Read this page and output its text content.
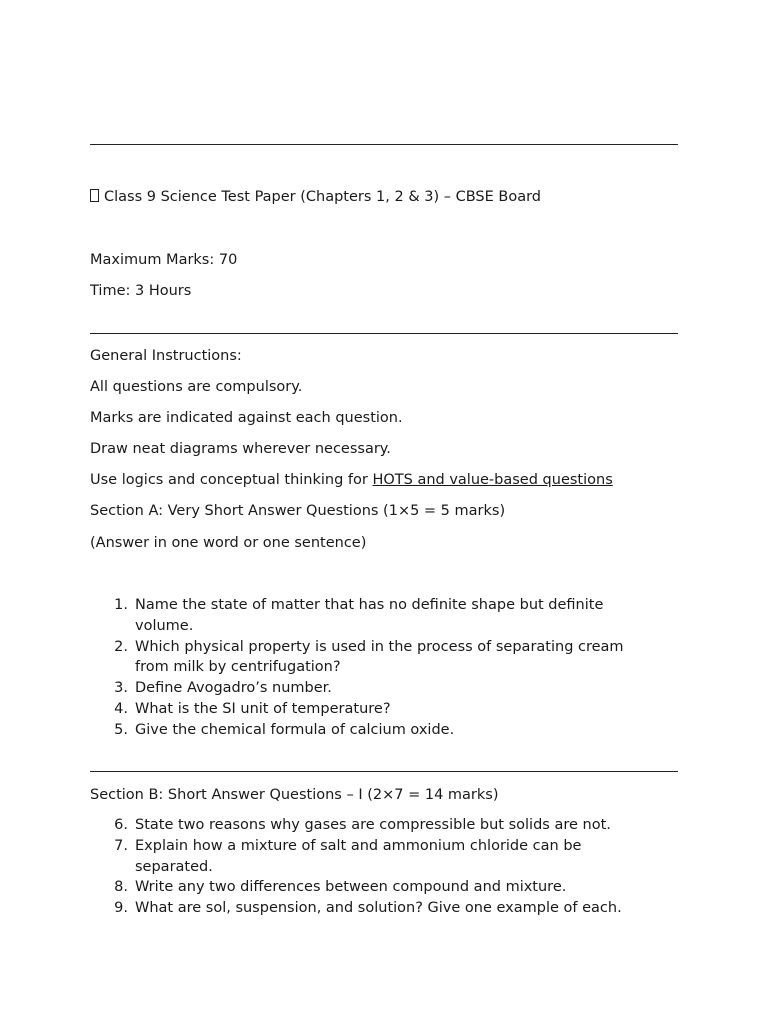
Class 9 Science Test Paper (Chapters 1, 2 & 3) – CBSE Board
Maximum Marks: 70
Time: 3 Hours
General Instructions:
All questions are compulsory.
Marks are indicated against each question.
Draw neat diagrams wherever necessary.
Use logics and conceptual thinking for HOTS and value-based questions
Section A: Very Short Answer Questions (1×5 = 5 marks)
(Answer in one word or one sentence)
1. Name the state of matter that has no definite shape but definite volume.
2. Which physical property is used in the process of separating cream from milk by centrifugation?
3. Define Avogadro’s number.
4. What is the SI unit of temperature?
5. Give the chemical formula of calcium oxide.
Section B: Short Answer Questions – I (2×7 = 14 marks)
6. State two reasons why gases are compressible but solids are not.
7. Explain how a mixture of salt and ammonium chloride can be separated.
8. Write any two differences between compound and mixture.
9. What are sol, suspension, and solution? Give one example of each.
